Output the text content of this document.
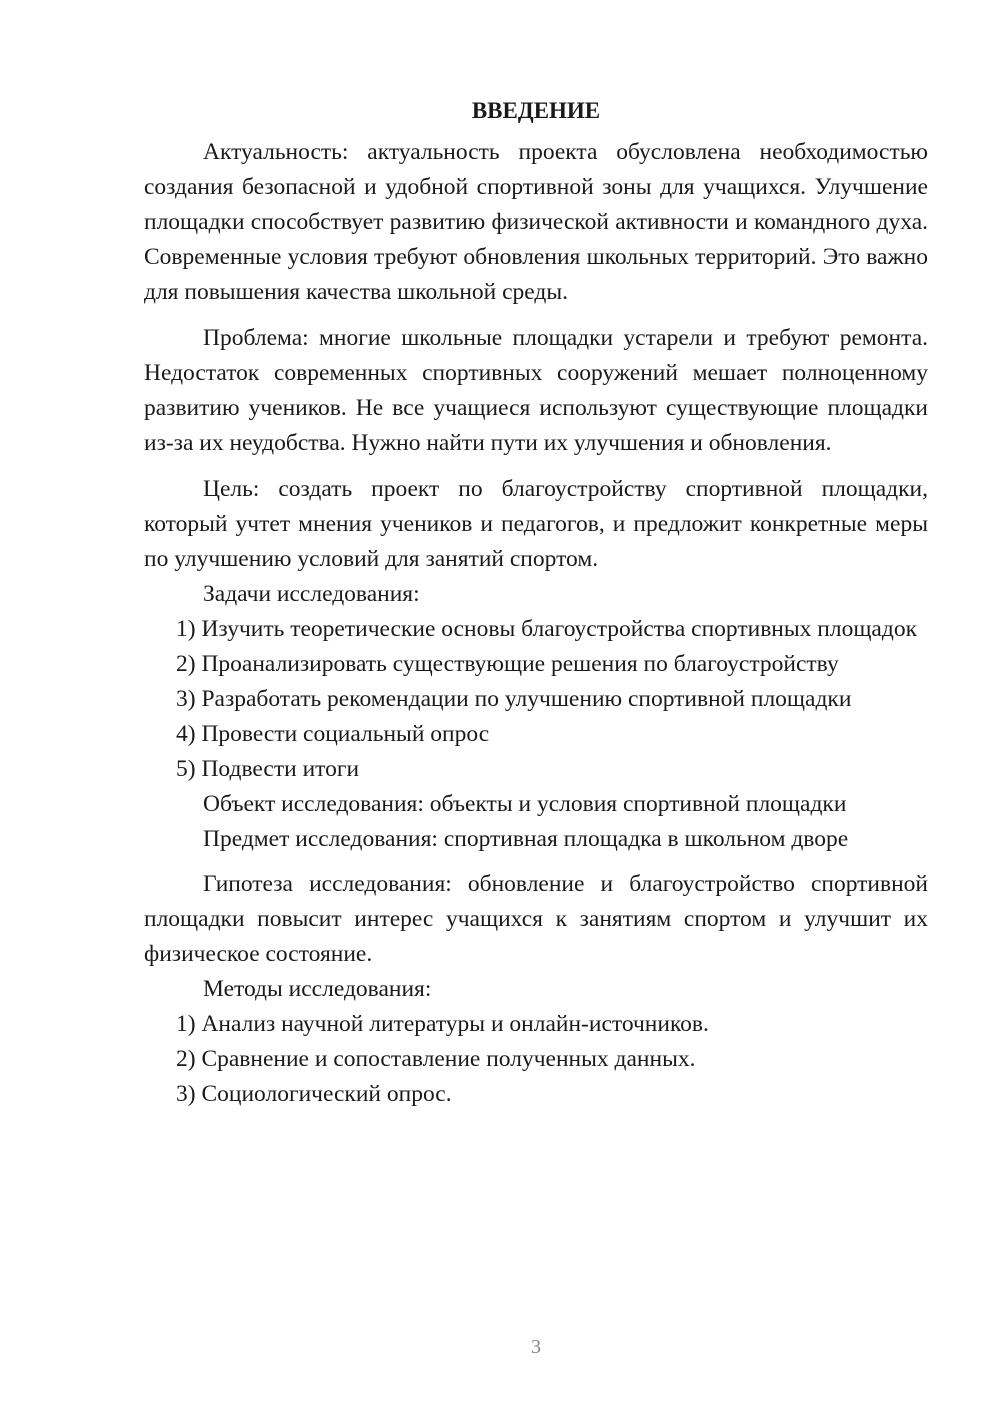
ВВЕДЕНИЕ

Актуальность: актуальность проекта обусловлена необходимостью создания безопасной и удобной спортивной зоны для учащихся. Улучшение площадки способствует развитию физической активности и командного духа. Современные условия требуют обновления школьных территорий. Это важно для повышения качества школьной среды.

Проблема: многие школьные площадки устарели и требуют ремонта. Недостаток современных спортивных сооружений мешает полноценному развитию учеников. Не все учащиеся используют существующие площадки из-за их неудобства. Нужно найти пути их улучшения и обновления.

Цель: создать проект по благоустройству спортивной площадки, который учтет мнения учеников и педагогов, и предложит конкретные меры по улучшению условий для занятий спортом.

Задачи исследования:

1) Изучить теоретические основы благоустройства спортивных площадок

2) Проанализировать существующие решения по благоустройству

3) Разработать рекомендации по улучшению спортивной площадки

4) Провести социальный опрос

5) Подвести итоги

Объект исследования: объекты и условия спортивной площадки

Предмет исследования: спортивная площадка в школьном дворе

Гипотеза исследования: обновление и благоустройство спортивной площадки повысит интерес учащихся к занятиям спортом и улучшит их физическое состояние.

Методы исследования:

1) Анализ научной литературы и онлайн-источников.

2) Сравнение и сопоставление полученных данных.

3) Социологический опрос.

3
